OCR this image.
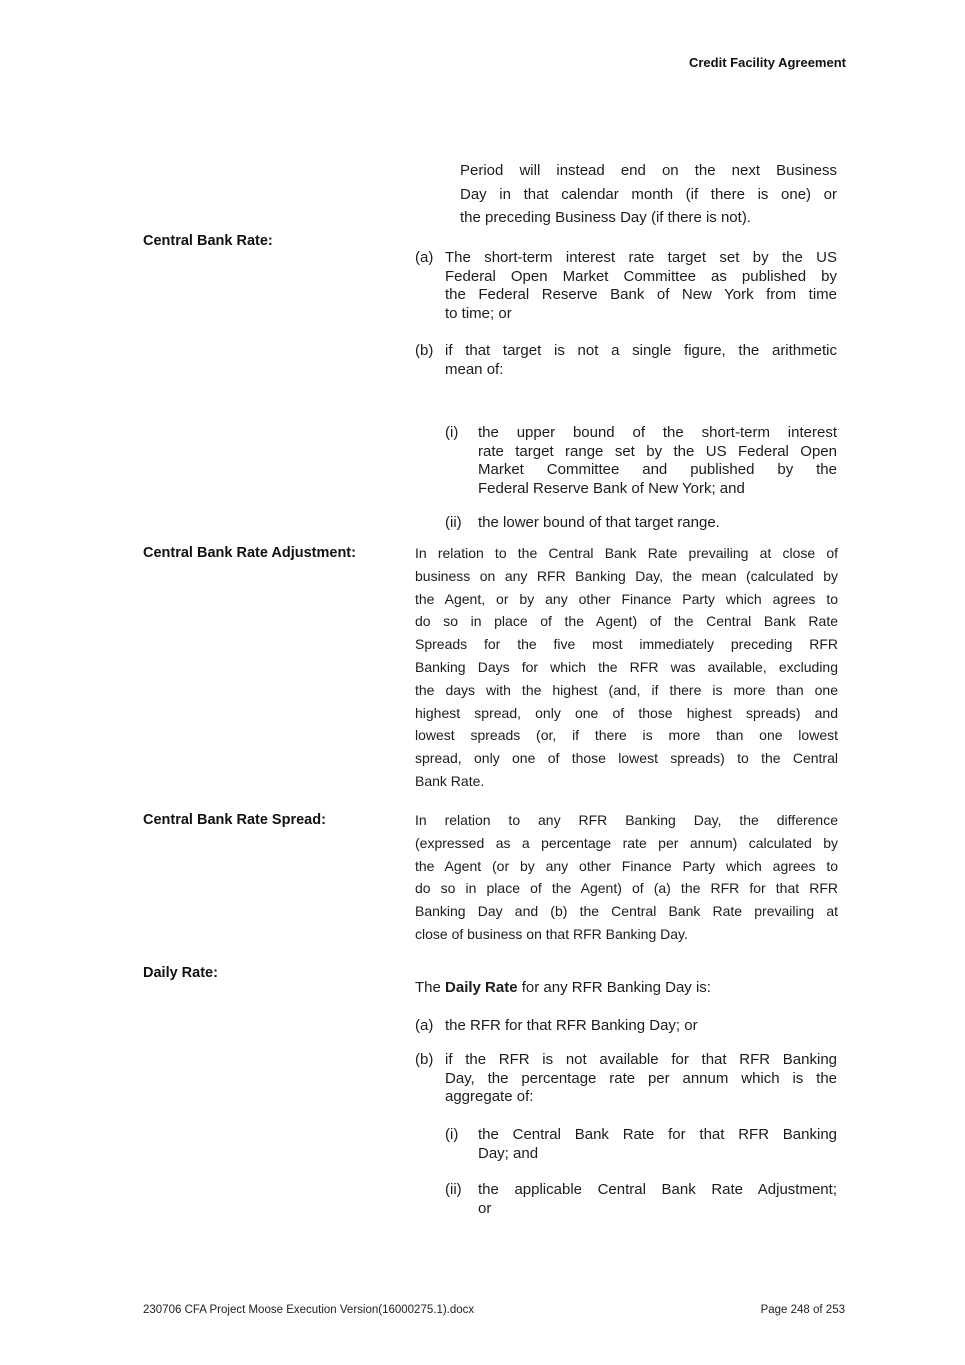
Credit Facility Agreement
Period will instead end on the next Business
Day in that calendar month (if there is one) or
the preceding Business Day (if there is not).
Central Bank Rate:
(a) The short-term interest rate target set by the US
Federal Open Market Committee as published by
the Federal Reserve Bank of New York from time
to time; or
(b) if that target is not a single figure, the arithmetic
mean of:
(i)	the upper bound of the short-term interest
rate target range set by the US Federal Open
Market Committee and published by the
Federal Reserve Bank of New York; and
(ii)	the lower bound of that target range.
Central Bank Rate Adjustment:	In relation to the Central Bank Rate prevailing at close of
business on any RFR Banking Day, the mean (calculated by
the Agent, or by any other Finance Party which agrees to
do so in place of the Agent) of the Central Bank Rate
Spreads for the five most immediately preceding RFR
Banking Days for which the RFR was available, excluding
the days with the highest (and, if there is more than one
highest spread, only one of those highest spreads) and
lowest spreads (or, if there is more than one lowest
spread, only one of those lowest spreads) to the Central
Bank Rate.
Central Bank Rate Spread:	In relation to any RFR Banking Day, the difference
(expressed as a percentage rate per annum) calculated by
the Agent (or by any other Finance Party which agrees to
do so in place of the Agent) of (a) the RFR for that RFR
Banking Day and (b) the Central Bank Rate prevailing at
close of business on that RFR Banking Day.
Daily Rate:
The Daily Rate for any RFR Banking Day is:
(a) the RFR for that RFR Banking Day; or
(b) if the RFR is not available for that RFR Banking
Day, the percentage rate per annum which is the
aggregate of:
(i)	the Central Bank Rate for that RFR Banking
Day; and
(ii)	the applicable Central Bank Rate Adjustment;
or
230706 CFA Project Moose Execution Version(16000275.1).docx	Page 248 of 253
